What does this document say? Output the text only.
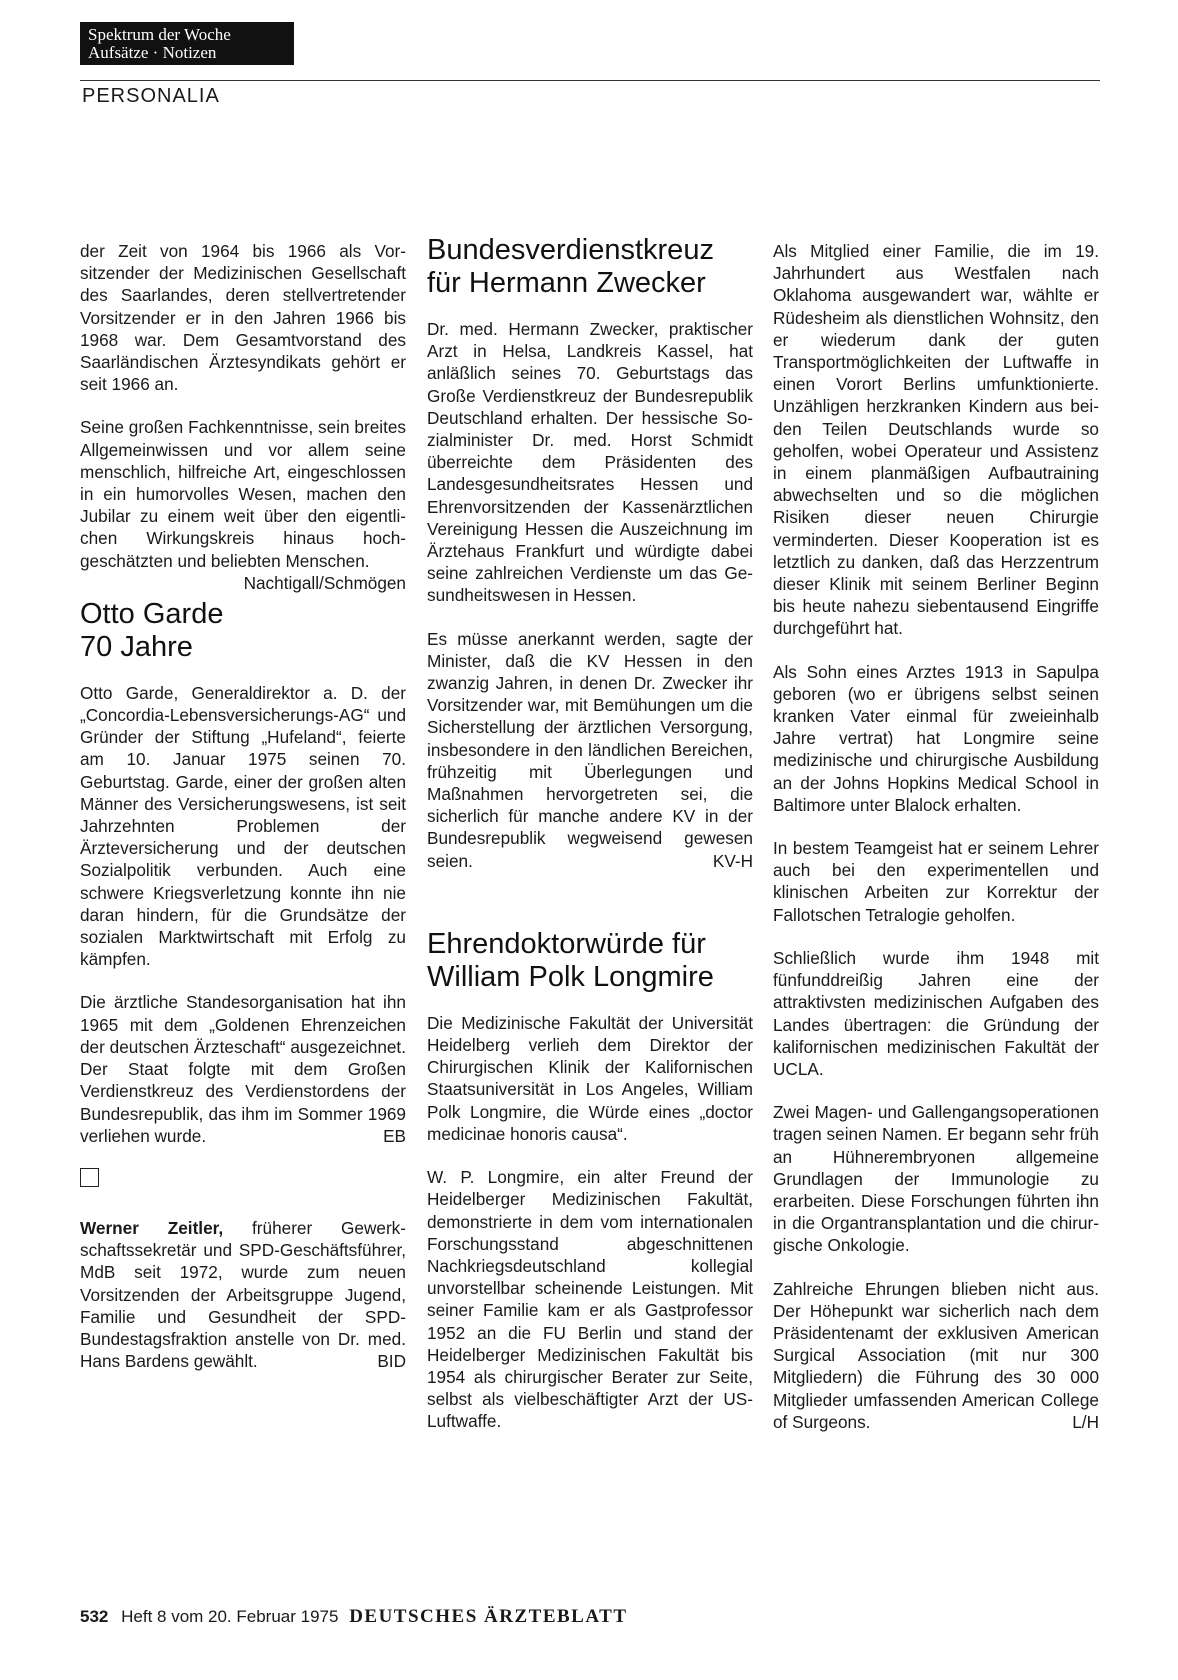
Spektrum der Woche
Aufsätze · Notizen
PERSONALIA

der Zeit von 1964 bis 1966 als Vorsitzender der Medizinischen Gesellschaft des Saarlandes, deren stellvertretender Vorsitzender er in den Jahren 1966 bis 1968 war. Dem Gesamtvorstand des Saarländischen Ärztesyndikats gehört er seit 1966 an.

Seine großen Fachkenntnisse, sein breites Allgemeinwissen und vor allem seine menschlich, hilfreiche Art, eingeschlossen in ein humorvolles Wesen, machen den Jubilar zu einem weit über den eigentlichen Wirkungskreis hinaus hochgeschätzten und beliebten Menschen.
Nachtigall/Schmögen

Otto Garde 70 Jahre

Otto Garde, Generaldirektor a. D. der „Concordia-Lebensversicherungs-AG“ und Gründer der Stiftung „Hufeland“, feierte am 10. Januar 1975 seinen 70. Geburtstag. Garde, einer der großen alten Männer des Versicherungswesens, ist seit Jahrzehnten Problemen der Ärzteversicherung und der deutschen Sozialpolitik verbunden. Auch eine schwere Kriegsverletzung konnte ihn nie daran hindern, für die Grundsätze der sozialen Marktwirtschaft mit Erfolg zu kämpfen.

Die ärztliche Standesorganisation hat ihn 1965 mit dem „Goldenen Ehrenzeichen der deutschen Ärzteschaft“ ausgezeichnet. Der Staat folgte mit dem Großen Verdienstkreuz des Verdienstordens der Bundesrepublik, das ihm im Sommer 1969 verliehen wurde.	EB

Werner Zeitler, früherer Gewerkschaftssekretär und SPD-Geschäftsführer, MdB seit 1972, wurde zum neuen Vorsitzenden der Arbeitsgruppe Jugend, Familie und Gesundheit der SPD-Bundestagsfraktion anstelle von Dr. med. Hans Bardens gewählt.	BID

Bundesverdienstkreuz für Hermann Zwecker

Dr. med. Hermann Zwecker, praktischer Arzt in Helsa, Landkreis Kassel, hat anläßlich seines 70. Geburtstags das Große Verdienstkreuz der Bundesrepublik Deutschland erhalten. Der hessische Sozialminister Dr. med. Horst Schmidt überreichte dem Präsidenten des Landesgesundheitsrates Hessen und Ehrenvorsitzenden der Kassenärztlichen Vereinigung Hessen die Auszeichnung im Ärztehaus Frankfurt und würdigte dabei seine zahlreichen Verdienste um das Gesundheitswesen in Hessen.

Es müsse anerkannt werden, sagte der Minister, daß die KV Hessen in den zwanzig Jahren, in denen Dr. Zwecker ihr Vorsitzender war, mit Bemühungen um die Sicherstellung der ärztlichen Versorgung, insbesondere in den ländlichen Bereichen, frühzeitig mit Überlegungen und Maßnahmen hervorgetreten sei, die sicherlich für manche andere KV in der Bundesrepublik wegweisend gewesen seien.	KV-H

Ehrendoktorwürde für William Polk Longmire

Die Medizinische Fakultät der Universität Heidelberg verlieh dem Direktor der Chirurgischen Klinik der Kalifornischen Staatsuniversität in Los Angeles, William Polk Longmire, die Würde eines „doctor medicinae honoris causa“.

W. P. Longmire, ein alter Freund der Heidelberger Medizinischen Fakultät, demonstrierte in dem vom internationalen Forschungsstand abgeschnittenen Nachkriegsdeutschland kollegial unvorstellbar scheinende Leistungen. Mit seiner Familie kam er als Gastprofessor 1952 an die FU Berlin und stand der Heidelberger Medizinischen Fakultät bis 1954 als chirurgischer Berater zur Seite, selbst als vielbeschäftigter Arzt der US-Luftwaffe.

Als Mitglied einer Familie, die im 19. Jahrhundert aus Westfalen nach Oklahoma ausgewandert war, wählte er Rüdesheim als dienstlichen Wohnsitz, den er wiederum dank der guten Transportmöglichkeiten der Luftwaffe in einen Vorort Berlins umfunktionierte. Unzähligen herzkranken Kindern aus beiden Teilen Deutschlands wurde so geholfen, wobei Operateur und Assistenz in einem planmäßigen Aufbautraining abwechselten und so die möglichen Risiken dieser neuen Chirurgie verminderten. Dieser Kooperation ist es letztlich zu danken, daß das Herzzentrum dieser Klinik mit seinem Berliner Beginn bis heute nahezu siebentausend Eingriffe durchgeführt hat.

Als Sohn eines Arztes 1913 in Sapulpa geboren (wo er übrigens selbst seinen kranken Vater einmal für zweieinhalb Jahre vertrat) hat Longmire seine medizinische und chirurgische Ausbildung an der Johns Hopkins Medical School in Baltimore unter Blalock erhalten.

In bestem Teamgeist hat er seinem Lehrer auch bei den experimentellen und klinischen Arbeiten zur Korrektur der Fallotschen Tetralogie geholfen.

Schließlich wurde ihm 1948 mit fünfunddreißig Jahren eine der attraktivsten medizinischen Aufgaben des Landes übertragen: die Gründung der kalifornischen medizinischen Fakultät der UCLA.

Zwei Magen- und Gallengangsoperationen tragen seinen Namen. Er begann sehr früh an Hühnerembryonen allgemeine Grundlagen der Immunologie zu erarbeiten. Diese Forschungen führten ihn in die Organtransplantation und die chirurgische Onkologie.

Zahlreiche Ehrungen blieben nicht aus. Der Höhepunkt war sicherlich nach dem Präsidentenamt der exklusiven American Surgical Association (mit nur 300 Mitgliedern) die Führung des 30 000 Mitglieder umfassenden American College of Surgeons.	L/H

532 Heft 8 vom 20. Februar 1975 DEUTSCHES ÄRZTEBLATT
